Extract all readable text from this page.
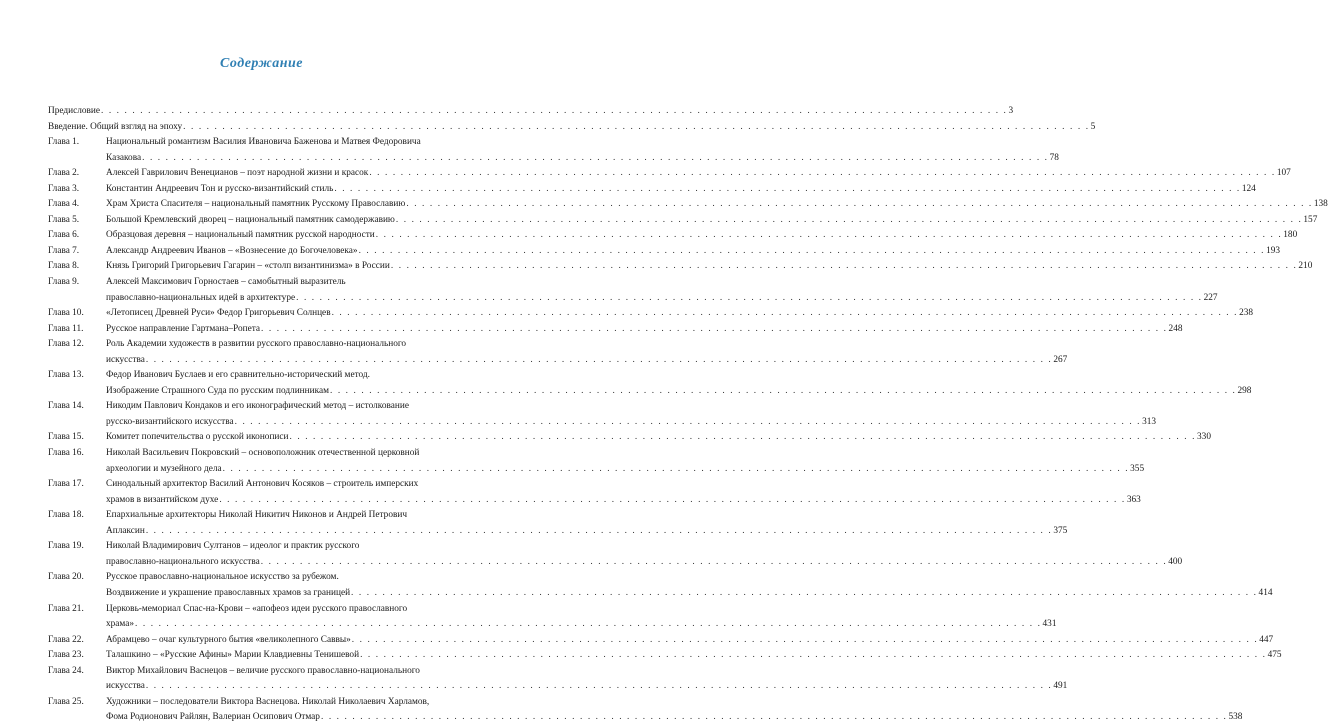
Содержание
Предисловие . . .	3
Введение. Общий взгляд на эпоху . . .	5
Глава 1.	Национальный романтизм Василия Ивановича Баженова и Матвея Федоровича
Казакова . . .	78
Глава 2.	Алексей Гаврилович Венецианов – поэт народной жизни и красок . . .	107
Глава 3.	Константин Андреевич Тон и русско-византийский стиль . . .	124
Глава 4.	Храм Христа Спасителя – национальный памятник Русскому Православию . . .	138
Глава 5.	Большой Кремлевский дворец – национальный памятник самодержавию . . .	157
Глава 6.	Образцовая деревня – национальный памятник русской народности . . .	180
Глава 7.	Александр Андреевич Иванов – «Вознесение до Богочеловека» . . .	193
Глава 8.	Князь Григорий Григорьевич Гагарин – «столп византинизма» в России . . .	210
Глава 9.	Алексей Максимович Горностаев – самобытный выразитель
православно-национальных идей в архитектуре . . .	227
Глава 10.	«Летописец Древней Руси» Федор Григорьевич Солнцев . . .	238
Глава 11.	Русское направление Гартмана–Ропета . . .	248
Глава 12.	Роль Академии художеств в развитии русского православно-национального
искусства . . .	267
Глава 13.	Федор Иванович Буслаев и его сравнительно-исторический метод.
Изображение Страшного Суда по русским подлинникам . . .	298
Глава 14.	Никодим Павлович Кондаков и его иконографический метод – истолкование
русско-византийского искусства . . .	313
Глава 15.	Комитет попечительства о русской иконописи . . .	330
Глава 16.	Николай Васильевич Покровский – основоположник отечественной церковной
археологии и музейного дела . . .	355
Глава 17.	Синодальный архитектор Василий Антонович Косяков – строитель имперских
храмов в византийском духе . . .	363
Глава 18.	Епархиальные архитекторы Николай Никитич Никонов и Андрей Петрович
Аплаксин . . .	375
Глава 19.	Николай Владимирович Султанов – идеолог и практик русского
православно-национального искусства . . .	400
Глава 20.	Русское православно-национальное искусство за рубежом.
Воздвижение и украшение православных храмов за границей . . .	414
Глава 21.	Церковь-мемориал Спас-на-Крови – «апофеоз идеи русского православного
храма» . . .	431
Глава 22.	Абрамцево – очаг культурного бытия «великолепного Саввы» . . .	447
Глава 23.	Талашкино – «Русские Афины» Марии Клавдиевны Тенишевой . . .	475
Глава 24.	Виктор Михайлович Васнецов – величие русского православно-национального
искусства . . .	491
Глава 25.	Художники – последователи Виктора Васнецова. Николай Николаевич Харламов,
Фома Родионович Райлян, Валериан Осипович Отмар . . .	538
